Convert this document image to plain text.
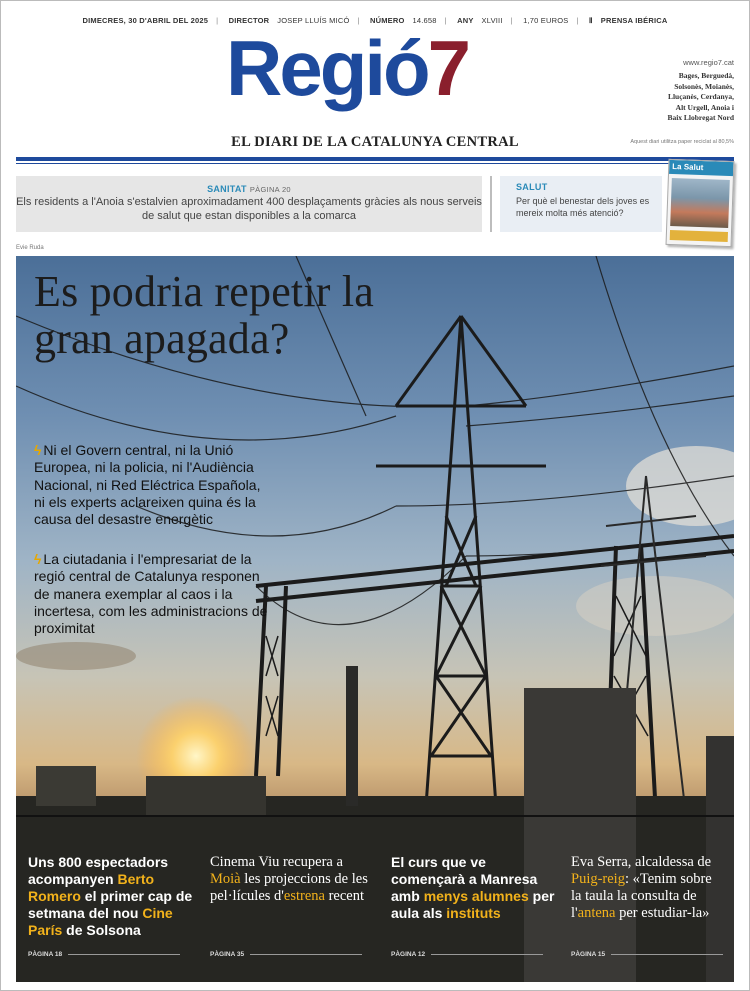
DIMECRES, 30 D'ABRIL DEL 2025 | DIRECTOR JOSEP LLUÍS MICÓ | NÚMERO 14.658 | ANY XLVIII | 1,70 EUROS | Ⅱ PRENSA IBÉRICA
Regió7	www.regio7.cat
Bages, Berguedà,
Solsonès, Moianès,
Lluçanès, Cerdanya,
Alt Urgell, Anoia i
Baix Llobregat Nord
EL DIARI DE LA CATALUNYA CENTRAL	Aquest diari utilitza paper reciclat al 80,5%
SANITAT PÀGINA 20
Els residents a l'Anoia s'estalvien aproximadament 400 desplaçaments gràcies als nous serveis de salut que estan disponibles a la comarca
SALUT
Per què el benestar dels joves es mereix molta més atenció?
La Salut
Evie Ruda
Es podria repetir la gran apagada?
ϟ Ni el Govern central, ni la Unió Europea, ni la policia, ni l'Audiència Nacional, ni Red Eléctrica Española, ni els experts aclareixen quina és la causa del desastre energètic
ϟ La ciutadania i l'empresariat de la regió central de Catalunya responen de manera exemplar al caos i la incertesa, com les administracions de proximitat
Uns 800 espectadors acompanyen Berto Romero el primer cap de setmana del nou Cine París de Solsona
Cinema Viu recupera a Moià les projeccions de les pel·lícules d'estrena recent
El curs que ve començarà a Manresa amb menys alumnes per aula als instituts
Eva Serra, alcaldessa de Puig-reig: «Tenim sobre la taula la consulta de l'antena per estudiar-la»
PÀGINA 18	PÀGINA 35	PÀGINA 12	PÀGINA 15
